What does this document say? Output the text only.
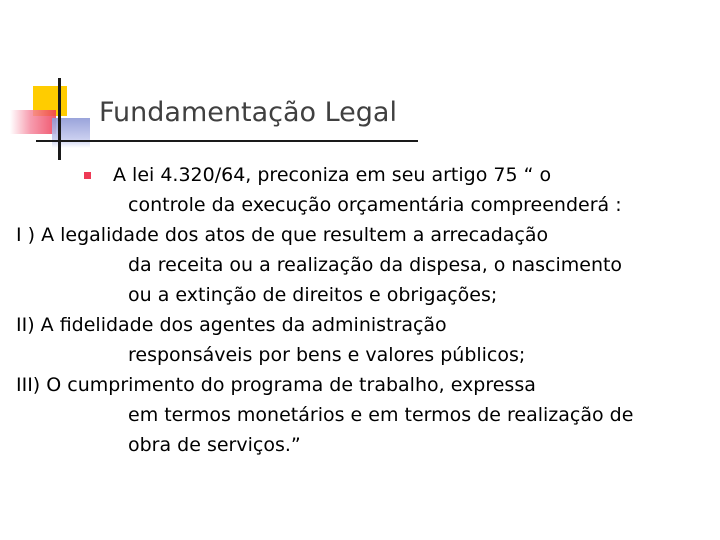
Fundamentação Legal
A lei 4.320/64, preconiza em seu artigo 75 “ o
controle da execução orçamentária compreenderá :
I ) A legalidade dos atos de que resultem a arrecadação
da receita ou a realização da dispesa, o nascimento
ou a extinção de direitos e obrigações;
II) A fidelidade dos agentes da administração
responsáveis por bens e valores públicos;
III) O cumprimento do programa de trabalho, expressa
em termos monetários e em termos de realização de
obra de serviços.”
